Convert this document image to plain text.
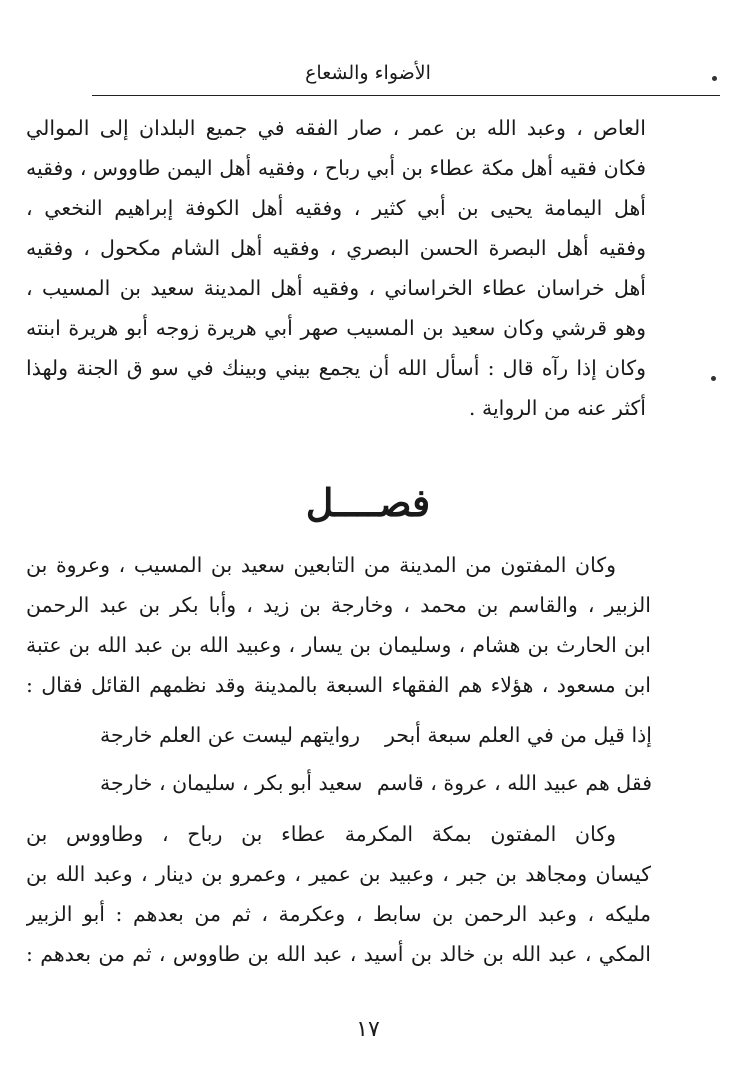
الأضواء والشعاع
العاص ، وعبد الله بن عمر ، صار الفقه في جميع البلدان إلى الموالي
فكان فقيه أهل مكة عطاء بن أبي رباح ، وفقيه أهل اليمن طاووس ، وفقيه
أهل اليمامة يحيى بن أبي كثير ، وفقيه أهل الكوفة إبراهيم النخعي ،
وفقيه أهل البصرة الحسن البصري ، وفقيه أهل الشام مكحول ، وفقيه
أهل خراسان عطاء الخراساني ، وفقيه أهل المدينة سعيد بن المسيب ،
وهو قرشي وكان سعيد بن المسيب صهر أبي هريرة زوجه أبو هريرة ابنته
وكان إذا رآه قال : أسأل الله أن يجمع بيني وبينك في سو ق الجنة ولهذا
أكثر عنه من الرواية .
فصــــل
وكان المفتون من المدينة من التابعين سعيد بن المسيب ، وعروة بن
الزبير ، والقاسم بن محمد ، وخارجة بن زيد ، وأبا بكر بن عبد الرحمن
ابن الحارث بن هشام ، وسليمان بن يسار ، وعبيد الله بن عبد الله بن عتبة
ابن مسعود ، هؤلاء هم الفقهاء السبعة بالمدينة وقد نظمهم القائل فقال :
إذا قيل من في العلم سبعة أبحر
روايتهم ليست عن العلم خارجة
فقل هم عبيد الله ، عروة ، قاسم
سعيد أبو بكر ، سليمان ، خارجة
وكان المفتون بمكة المكرمة عطاء بن رباح ، وطاووس بن
كيسان ومجاهد بن جبر ، وعبيد بن عمير ، وعمرو بن دينار ، وعبد الله بن
مليكه ، وعبد الرحمن بن سابط ، وعكرمة ، ثم من بعدهم : أبو الزبير
المكي ، عبد الله بن خالد بن أسيد ، عبد الله بن طاووس ، ثم من بعدهم :
١٧
